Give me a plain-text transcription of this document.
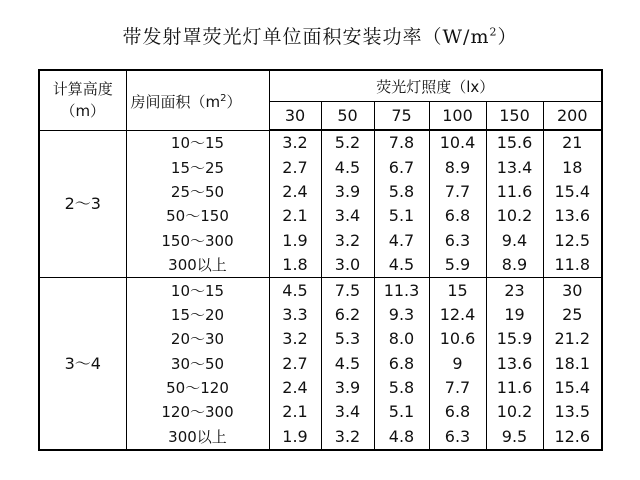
带发射罩荧光灯单位面积安装功率$(W/m^2)$
计算高度
（m）	房间面积$(m^2)$	荧光灯照度（lx）					
		30	50	75	100	150	200
2～3	10～15	3.2	5.2	7.8	10.4	15.6	21
	15～25	2.7	4.5	6.7	8.9	13.4	18
	25～50	2.4	3.9	5.8	7.7	11.6	15.4
	50～150	2.1	3.4	5.1	6.8	10.2	13.6
	150～300	1.9	3.2	4.7	6.3	9.4	12.5
	300以上	1.8	3.0	4.5	5.9	8.9	11.8
3～4	10～15	4.5	7.5	11.3	15	23	30
	15～20	3.3	6.2	9.3	12.4	19	25
	20～30	3.2	5.3	8.0	10.6	15.9	21.2
	30～50	2.7	4.5	6.8	9	13.6	18.1
	50～120	2.4	3.9	5.8	7.7	11.6	15.4
	120～300	2.1	3.4	5.1	6.8	10.2	13.5
	300以上	1.9	3.2	4.8	6.3	9.5	12.6
